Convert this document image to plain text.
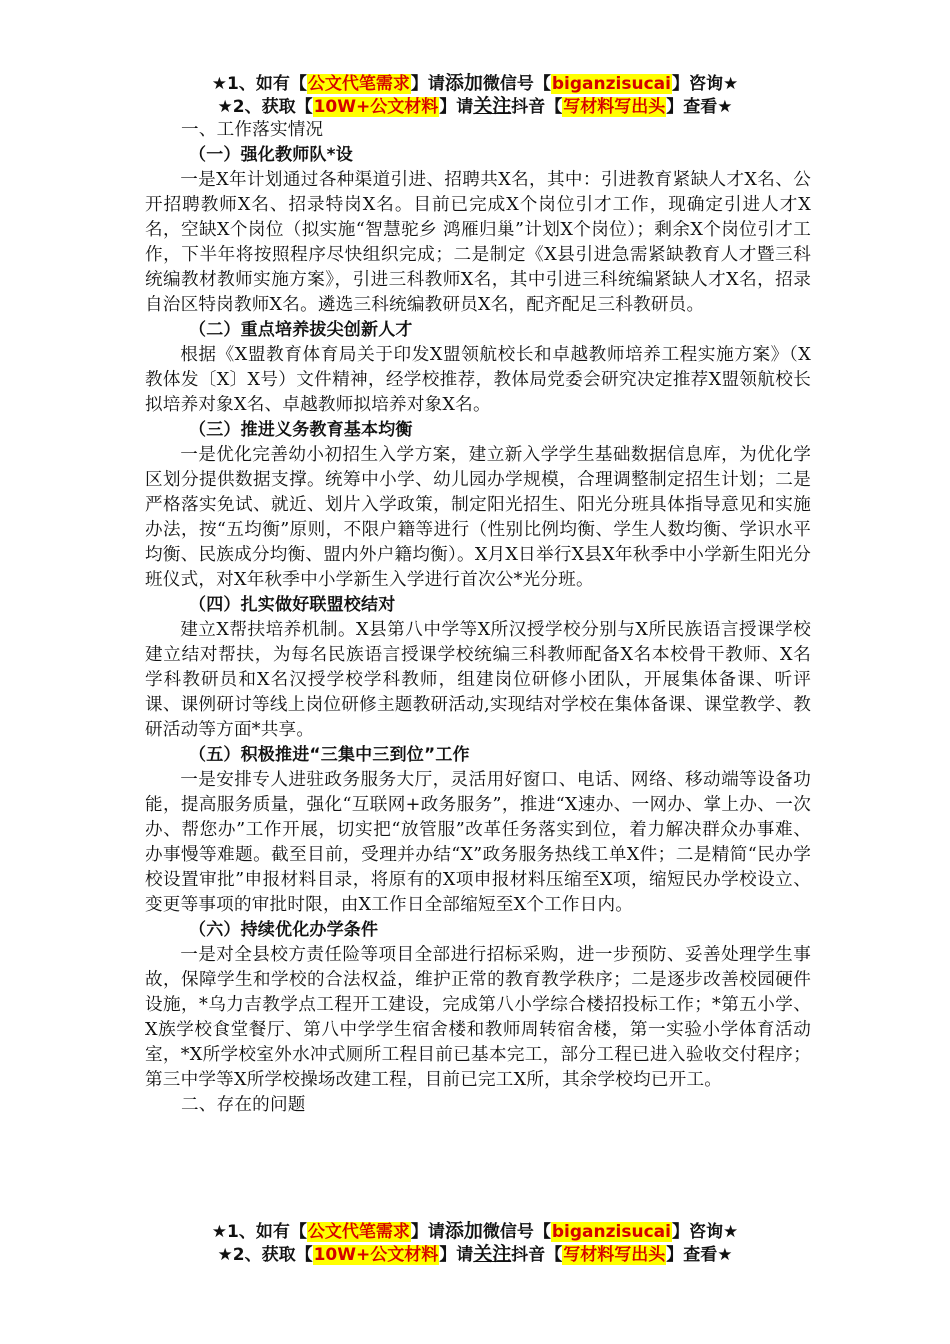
★1、如有【公文代笔需求】请添加微信号【biganzisucai】咨询★
★2、获取【10W+公文材料】请关注抖音【写材料写出头】查看★
一、工作落实情况
（一）强化教师队*设

一是X年计划通过各种渠道引进、招聘共X名，其中：引进教育紧缺人才X名、公开招聘教师X名、招录特岗X名。目前已完成X个岗位引才工作，现确定引进人才X名，空缺X个岗位（拟实施“智慧驼乡 鸿雁归巢”计划X个岗位）；剩余X个岗位引才工作，下半年将按照程序尽快组织完成；二是制定《X县引进急需紧缺教育人才暨三科统编教材教师实施方案》，引进三科教师X名，其中引进三科统编紧缺人才X名，招录自治区特岗教师X名。遴选三科统编教研员X名，配齐配足三科教研员。

（二）重点培养拔尖创新人才

根据《X盟教育体育局关于印发X盟领航校长和卓越教师培养工程实施方案》（X教体发〔X〕X号）文件精神，经学校推荐，教体局党委会研究决定推荐X盟领航校长拟培养对象X名、卓越教师拟培养对象X名。

（三）推进义务教育基本均衡

一是优化完善幼小初招生入学方案，建立新入学学生基础数据信息库，为优化学区划分提供数据支撑。统筹中小学、幼儿园办学规模，合理调整制定招生计划；二是严格落实免试、就近、划片入学政策，制定阳光招生、阳光分班具体指导意见和实施办法，按“五均衡”原则，不限户籍等进行（性别比例均衡、学生人数均衡、学识水平均衡、民族成分均衡、盟内外户籍均衡）。X月X日举行X县X年秋季中小学新生阳光分班仪式，对X年秋季中小学新生入学进行首次公*光分班。

（四）扎实做好联盟校结对

建立X帮扶培养机制。X县第八中学等X所汉授学校分别与X所民族语言授课学校建立结对帮扶，为每名民族语言授课学校统编三科教师配备X名本校骨干教师、X名学科教研员和X名汉授学校学科教师，组建岗位研修小团队，开展集体备课、听评课、课例研讨等线上岗位研修主题教研活动,实现结对学校在集体备课、课堂教学、教研活动等方面*共享。

（五）积极推进“三集中三到位”工作

一是安排专人进驻政务服务大厅，灵活用好窗口、电话、网络、移动端等设备功能，提高服务质量，强化“互联网+政务服务”，推进“X速办、一网办、掌上办、一次办、帮您办”工作开展，切实把“放管服”改革任务落实到位，着力解决群众办事难、办事慢等难题。截至目前，受理并办结“X”政务服务热线工单X件；二是精简“民办学校设置审批”申报材料目录，将原有的X项申报材料压缩至X项，缩短民办学校设立、变更等事项的审批时限，由X工作日全部缩短至X个工作日内。

（六）持续优化办学条件

一是对全县校方责任险等项目全部进行招标采购，进一步预防、妥善处理学生事故，保障学生和学校的合法权益，维护正常的教育教学秩序；二是逐步改善校园硬件设施，*乌力吉教学点工程开工建设，完成第八小学综合楼招投标工作；*第五小学、X族学校食堂餐厅、第八中学学生宿舍楼和教师周转宿舍楼，第一实验小学体育活动室，*X所学校室外水冲式厕所工程目前已基本完工，部分工程已进入验收交付程序；第三中学等X所学校操场改建工程，目前已完工X所，其余学校均已开工。

二、存在的问题
★1、如有【公文代笔需求】请添加微信号【biganzisucai】咨询★
★2、获取【10W+公文材料】请关注抖音【写材料写出头】查看★
